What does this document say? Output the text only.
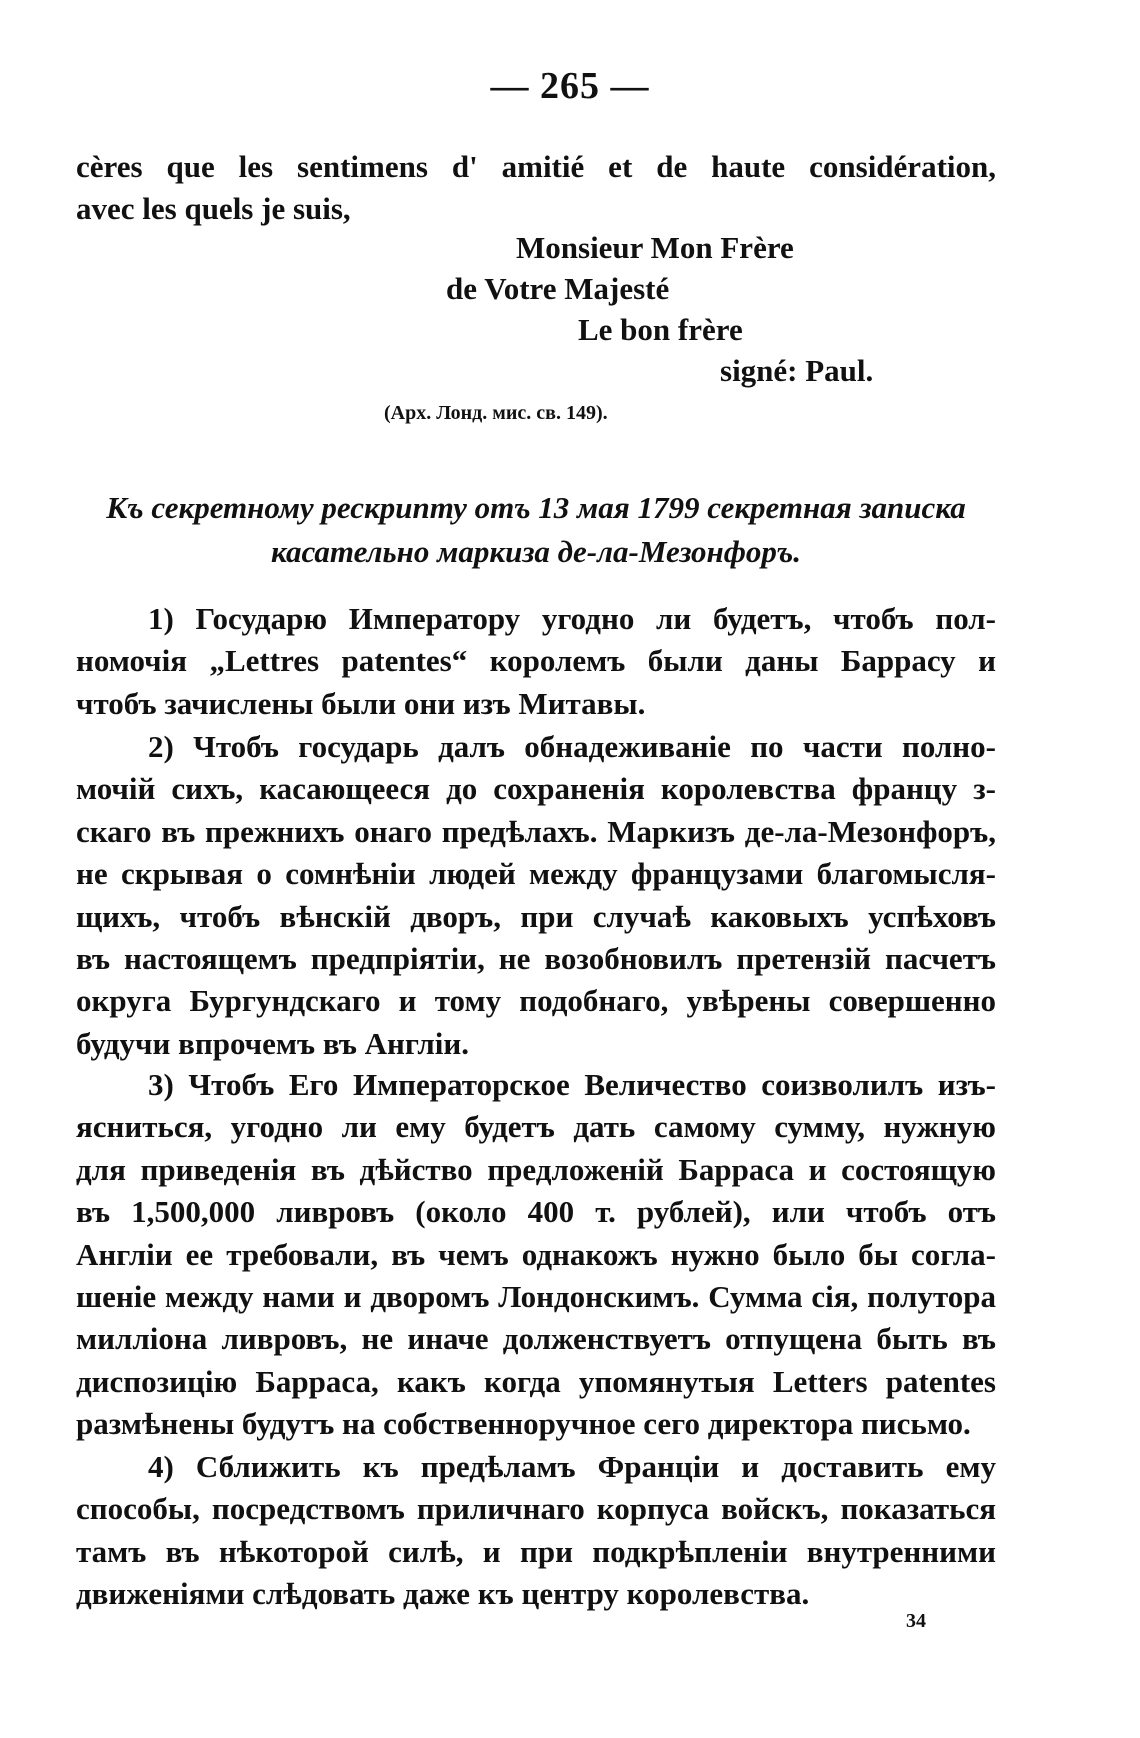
— 265 —
cères que les sentimens d' amitié et de haute considération,
avec les quels je suis,
Monsieur Mon Frère
de Votre Majesté
Le bon frère
signé: Paul.
(Арх. Лонд. мис. св. 149).
Къ секретному рескрипту отъ 13 мая 1799 секретная записка
касательно маркиза де-ла-Мезонфоръ.
1) Государю Императору угодно ли будетъ, чтобъ пол-
номочія „Lettres patentes“ королемъ были даны Баррасу и
чтобъ зачислены были они изъ Митавы.
2) Чтобъ государь далъ обнадеживаніе по части полно-
мочій сихъ, касающееся до сохраненія королевства францу з-
скаго въ прежнихъ онаго предѣлахъ. Маркизъ де-ла-Мезонфоръ,
не скрывая о сомнѣніи людей между французами благомысля-
щихъ, чтобъ вѣнскій дворъ, при случаѣ каковыхъ успѣховъ
въ настоящемъ предпріятіи, не возобновилъ претензій пасчетъ
округа Бургундскаго и тому подобнаго, увѣрены совершенно
будучи впрочемъ въ Англіи.
3) Чтобъ Его Императорское Величество соизволилъ изъ-
ясниться, угодно ли ему будетъ дать самому сумму, нужную
для приведенія въ дѣйство предложеній Барраса и состоящую
въ 1,500,000 ливровъ (около 400 т. рублей), или чтобъ отъ
Англіи ее требовали, въ чемъ однакожъ нужно было бы согла-
шеніе между нами и дворомъ Лондонскимъ. Сумма сія, полутора
милліона ливровъ, не иначе долженствуетъ отпущена быть въ
диспозицію Барраса, какъ когда упомянутыя Letters patentes
размѣнены будутъ на собственноручное сего директора письмо.
4) Сближить къ предѣламъ Франціи и доставить ему
способы, посредствомъ приличнаго корпуса войскъ, показаться
тамъ въ нѣкоторой силѣ, и при подкрѣпленіи внутренними
движеніями слѣдовать даже къ центру королевства.
34
